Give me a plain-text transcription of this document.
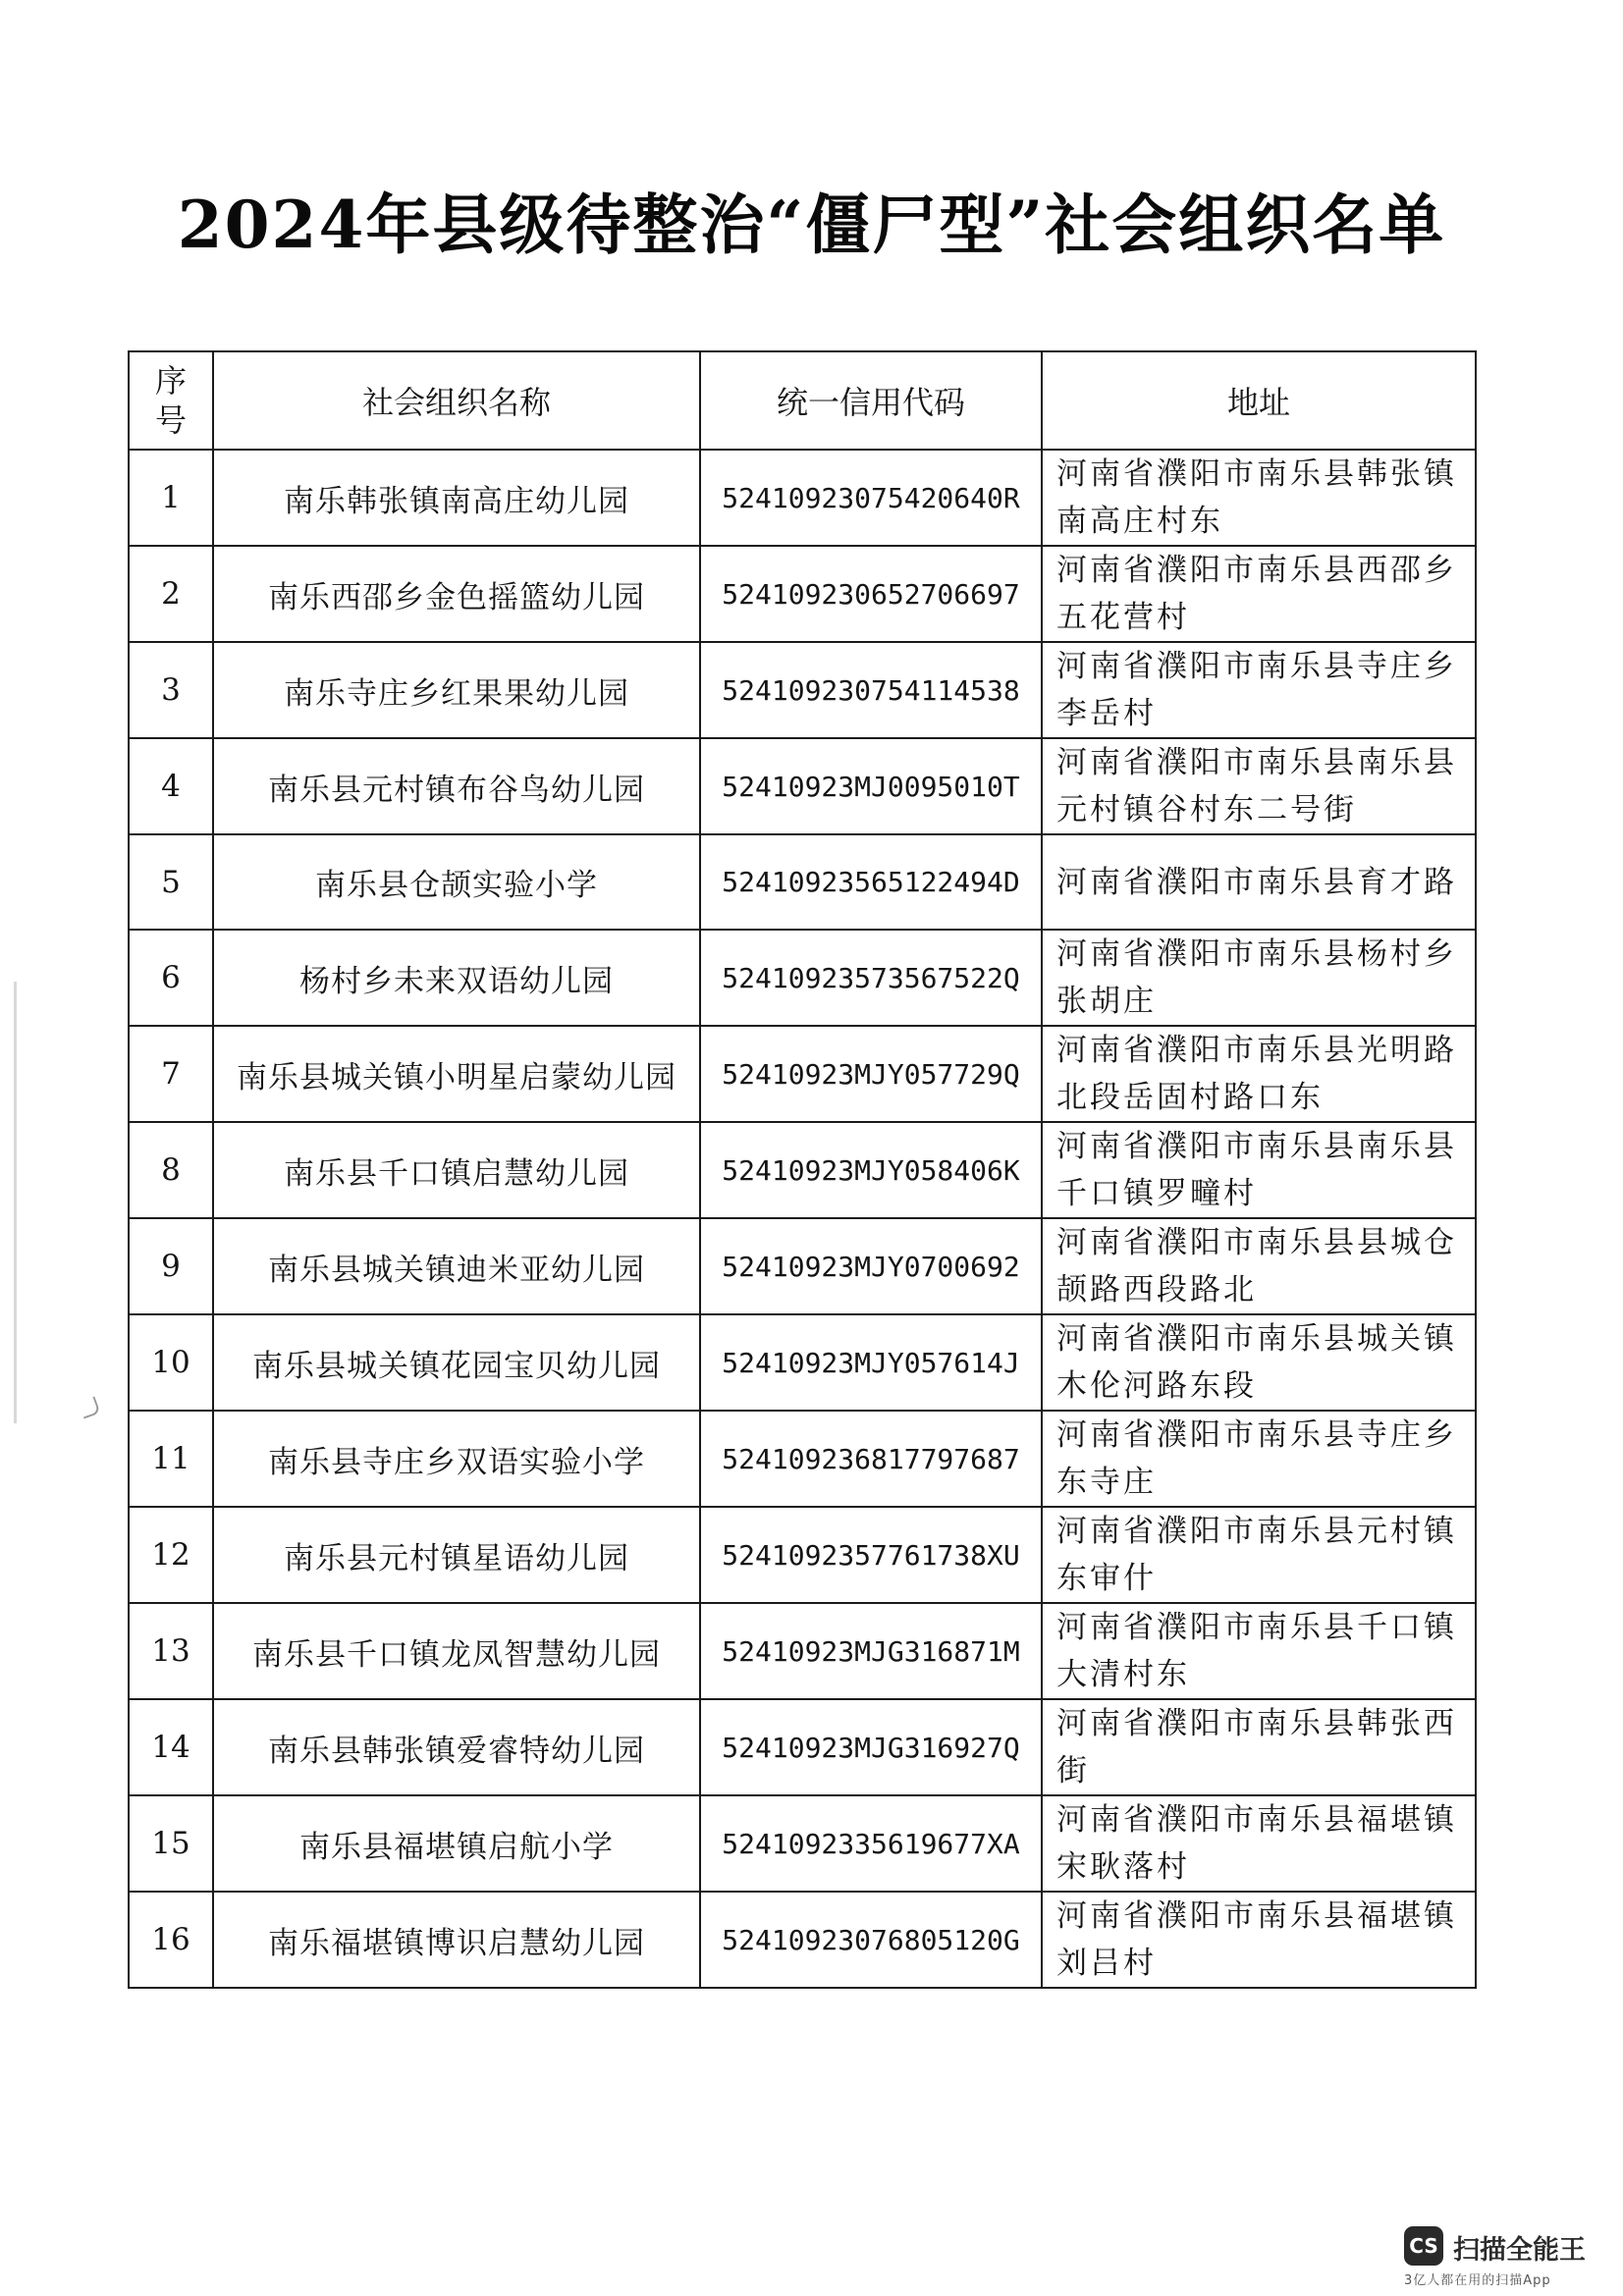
2024年县级待整治“僵尸型”社会组织名单
序号	社会组织名称	统一信用代码	地址
1	南乐韩张镇南高庄幼儿园	52410923075420640R	河南省濮阳市南乐县韩张镇
南高庄村东

2	南乐西邵乡金色摇篮幼儿园	524109230652706697	河南省濮阳市南乐县西邵乡
五花营村

3	南乐寺庄乡红果果幼儿园	524109230754114538	河南省濮阳市南乐县寺庄乡
李岳村

4	南乐县元村镇布谷鸟幼儿园	52410923MJ0095010T	河南省濮阳市南乐县南乐县
元村镇谷村东二号街

5	南乐县仓颉实验小学	52410923565122494D	河南省濮阳市南乐县育才路

6	杨村乡未来双语幼儿园	52410923573567522Q	河南省濮阳市南乐县杨村乡
张胡庄

7	南乐县城关镇小明星启蒙幼儿园	52410923MJY057729Q	河南省濮阳市南乐县光明路
北段岳固村路口东

8	南乐县千口镇启慧幼儿园	52410923MJY058406K	河南省濮阳市南乐县南乐县
千口镇罗疃村

9	南乐县城关镇迪米亚幼儿园	52410923MJY0700692	河南省濮阳市南乐县县城仓
颉路西段路北

10	南乐县城关镇花园宝贝幼儿园	52410923MJY057614J	河南省濮阳市南乐县城关镇
木伦河路东段

11	南乐县寺庄乡双语实验小学	524109236817797687	河南省濮阳市南乐县寺庄乡
东寺庄

12	南乐县元村镇星语幼儿园	5241092357761738XU	河南省濮阳市南乐县元村镇
东审什

13	南乐县千口镇龙凤智慧幼儿园	52410923MJG316871M	河南省濮阳市南乐县千口镇
大清村东

14	南乐县韩张镇爱睿特幼儿园	52410923MJG316927Q	河南省濮阳市南乐县韩张西
街

15	南乐县福堪镇启航小学	5241092335619677XA	河南省濮阳市南乐县福堪镇
宋耿落村

16	南乐福堪镇博识启慧幼儿园	52410923076805120G	河南省濮阳市南乐县福堪镇
刘吕村
CS 扫描全能王
3亿人都在用的扫描App
